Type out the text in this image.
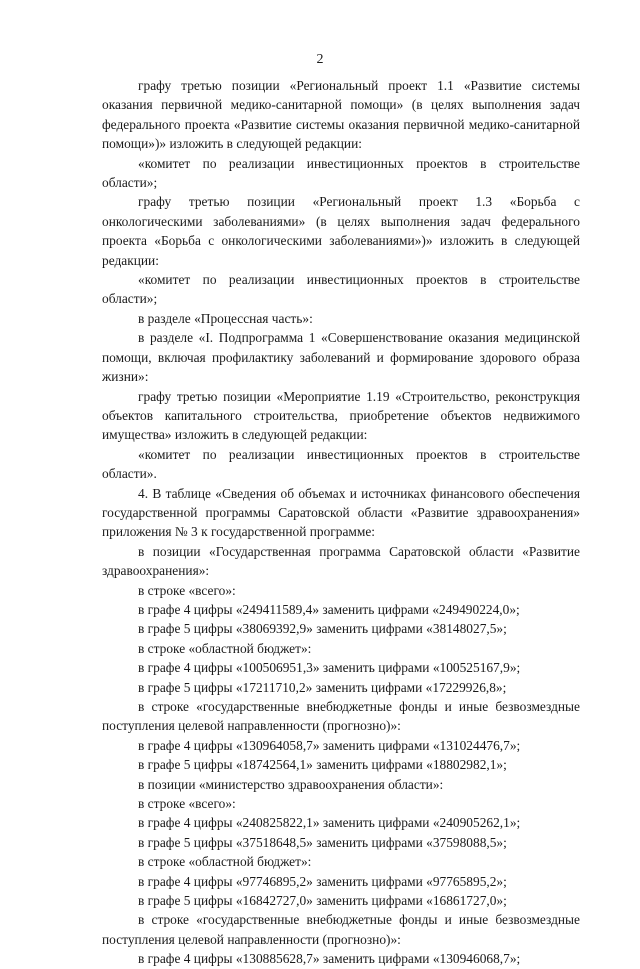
2

графу третью позиции «Региональный проект 1.1 «Развитие системы оказания первичной медико-санитарной помощи» (в целях выполнения задач федерального проекта «Развитие системы оказания первичной медико-санитарной помощи»)» изложить в следующей редакции:

«комитет по реализации инвестиционных проектов в строительстве области»;

графу третью позиции «Региональный проект 1.3 «Борьба с онкологическими заболеваниями» (в целях выполнения задач федерального проекта «Борьба с онкологическими заболеваниями»)» изложить в следующей редакции:

«комитет по реализации инвестиционных проектов в строительстве области»;

в разделе «Процессная часть»:

в разделе «I. Подпрограмма 1 «Совершенствование оказания медицинской помощи, включая профилактику заболеваний и формирование здорового образа жизни»:

графу третью позиции «Мероприятие 1.19 «Строительство, реконструкция объектов капитального строительства, приобретение объектов недвижимого имущества» изложить в следующей редакции:

«комитет по реализации инвестиционных проектов в строительстве области».

4. В таблице «Сведения об объемах и источниках финансового обеспечения государственной программы Саратовской области «Развитие здравоохранения» приложения № 3 к государственной программе:

в позиции «Государственная программа Саратовской области «Развитие здравоохранения»:

в строке «всего»:

в графе 4 цифры «249411589,4» заменить цифрами «249490224,0»;

в графе 5 цифры «38069392,9» заменить цифрами «38148027,5»;

в строке «областной бюджет»:

в графе 4 цифры «100506951,3» заменить цифрами «100525167,9»;

в графе 5 цифры «17211710,2» заменить цифрами «17229926,8»;

в строке «государственные внебюджетные фонды и иные безвозмездные поступления целевой направленности (прогнозно)»:

в графе 4 цифры «130964058,7» заменить цифрами «131024476,7»;

в графе 5 цифры «18742564,1» заменить цифрами «18802982,1»;

в позиции «министерство здравоохранения области»:

в строке «всего»:

в графе 4 цифры «240825822,1» заменить цифрами «240905262,1»;

в графе 5 цифры «37518648,5» заменить цифрами «37598088,5»;

в строке «областной бюджет»:

в графе 4 цифры «97746895,2» заменить цифрами «97765895,2»;

в графе 5 цифры «16842727,0» заменить цифрами «16861727,0»;

в строке «государственные внебюджетные фонды и иные безвозмездные поступления целевой направленности (прогнозно)»:

в графе 4 цифры «130885628,7» заменить цифрами «130946068,7»;
